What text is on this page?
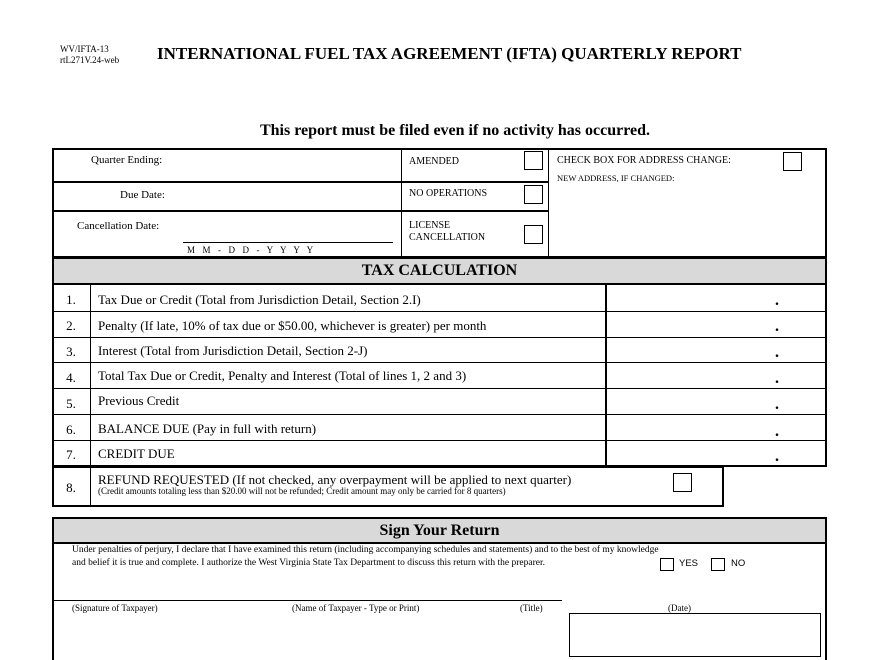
WV/IFTA-13
rtL271V.24-web INTERNATIONAL FUEL TAX AGREEMENT (IFTA) QUARTERLY REPORT
This report must be filed even if no activity has occurred.
Quarter Ending:
Due Date:
Cancellation Date:
M  M  -  D  D  -  Y  Y  Y  Y
AMENDED
NO OPERATIONS
LICENSE
CANCELLATION
CHECK BOX FOR ADDRESS CHANGE:
NEW ADDRESS, IF CHANGED:
TAX CALCULATION
1.	Tax Due or Credit (Total from Jurisdiction Detail, Section 2.I)	.
2.	Penalty (If late, 10% of tax due or $50.00, whichever is greater) per month	.
3.	Interest (Total from Jurisdiction Detail, Section 2-J)	.
4.	Total Tax Due or Credit, Penalty and Interest (Total of lines 1, 2 and 3)	.
5.	Previous Credit	.
6.	BALANCE DUE (Pay in full with return)	.
7.	CREDIT DUE	.
8.
REFUND REQUESTED (If not checked, any overpayment will be applied to next quarter)
(Credit amounts totaling less than $20.00 will not be refunded; Credit amount may only be carried for 8 quarters)
Sign Your Return
Under penalties of perjury, I declare that I have examined this return (including accompanying schedules and statements) and to the best of my knowledge
and belief it is true and complete. I authorize the West Virginia State Tax Department to discuss this return with the preparer.	YES	NO
(Signature of Taxpayer)	(Name of Taxpayer - Type or Print)	(Title)	(Date)
